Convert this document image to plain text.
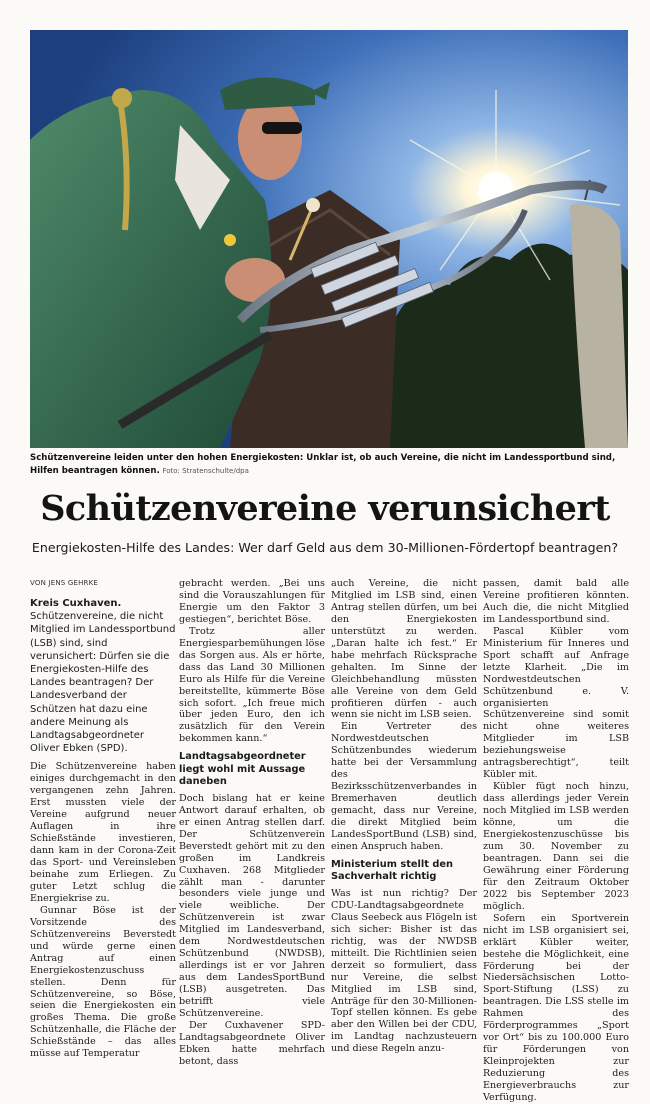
Schützenvereine leiden unter den hohen Energiekosten: Unklar ist, ob auch Vereine, die nicht im Landessportbund sind, Hilfen beantragen können. Foto: Stratenschulte/dpa
Schützenvereine verunsichert
Energiekosten-Hilfe des Landes: Wer darf Geld aus dem 30-Millionen-Fördertopf beantragen?
VON JENS GEHRKE
Kreis Cuxhaven. Schützenvereine, die nicht Mitglied im Landessportbund (LSB) sind, sind verunsichert: Dürfen sie die Energiekosten-Hilfe des Landes beantragen? Der Landesverband der Schützen hat dazu eine andere Meinung als Landtagsabgeordneter Oliver Ebken (SPD).

Die Schützenvereine haben einiges durchgemacht in den vergangenen zehn Jahren. Erst mussten viele der Vereine aufgrund neuer Auflagen in ihre Schießstände investieren, dann kam in der Corona-Zeit das Sport- und Vereinsleben beinahe zum Erliegen. Zu guter Letzt schlug die Energiekrise zu.

Gunnar Böse ist der Vorsitzende des Schützenvereins Beverstedt und würde gerne einen Antrag auf einen Energiekostenzuschuss stellen. Denn für Schützenvereine, so Böse, seien die Energiekosten ein großes Thema. Die große Schützenhalle, die Fläche der Schießstände – das alles müsse auf Temperatur

gebracht werden. „Bei uns sind die Vorauszahlungen für Energie um den Faktor 3 gestiegen“, berichtet Böse.

Trotz aller Energiesparbemühungen löse das Sorgen aus. Als er hörte, dass das Land 30 Millionen Euro als Hilfe für die Vereine bereitstellte, kümmerte Böse sich sofort. „Ich freue mich über jeden Euro, den ich zusätzlich für den Verein bekommen kann.“

Landtagsabgeordneter liegt wohl mit Aussage daneben

Doch bislang hat er keine Antwort darauf erhalten, ob er einen Antrag stellen darf. Der Schützenverein Beverstedt gehört mit zu den großen im Landkreis Cuxhaven. 268 Mitglieder zählt man - darunter besonders viele junge und viele weibliche. Der Schützenverein ist zwar Mitglied im Landesverband, dem Nordwestdeutschen Schützenbund (NWDSB), allerdings ist er vor Jahren aus dem LandesSportBund (LSB) ausgetreten. Das betrifft viele Schützenvereine.

Der Cuxhavener SPD-Landtagsabgeordnete Oliver Ebken hatte mehrfach betont, dass

auch Vereine, die nicht Mitglied im LSB sind, einen Antrag stellen dürfen, um bei den Energiekosten unterstützt zu werden. „Daran halte ich fest.“ Er habe mehrfach Rücksprache gehalten. Im Sinne der Gleichbehandlung müssten alle Vereine von dem Geld profitieren dürfen - auch wenn sie nicht im LSB seien.

Ein Vertreter des Nordwestdeutschen Schützenbundes wiederum hatte bei der Versammlung des Bezirksschützenverbandes in Bremerhaven deutlich gemacht, dass nur Vereine, die direkt Mitglied beim LandesSportBund (LSB) sind, einen Anspruch haben.

Ministerium stellt den Sachverhalt richtig

Was ist nun richtig? Der CDU-Landtagsabgeordnete Claus Seebeck aus Flögeln ist sich sicher: Bisher ist das richtig, was der NWDSB mitteilt. Die Richtlinien seien derzeit so formuliert, dass nur Vereine, die selbst Mitglied im LSB sind, Anträge für den 30-Millionen-Topf stellen können. Es gebe aber den Willen bei der CDU, im Landtag nachzusteuern und diese Regeln anzu-

passen, damit bald alle Vereine profitieren könnten. Auch die, die nicht Mitglied im Landessportbund sind.

Pascal Kübler vom Ministerium für Inneres und Sport schafft auf Anfrage letzte Klarheit. „Die im Nordwestdeutschen Schützenbund e. V. organisierten Schützenvereine sind somit nicht ohne weiteres Mitglieder im LSB beziehungsweise antragsberechtigt“, teilt Kübler mit.

Kübler fügt noch hinzu, dass allerdings jeder Verein noch Mitglied im LSB werden könne, um die Energiekostenzuschüsse bis zum 30. November zu beantragen. Dann sei die Gewährung einer Förderung für den Zeitraum Oktober 2022 bis September 2023 möglich.

Sofern ein Sportverein nicht im LSB organisiert sei, erklärt Kübler weiter, bestehe die Möglichkeit, eine Förderung bei der Niedersächsischen Lotto-Sport-Stiftung (LSS) zu beantragen. Die LSS stelle im Rahmen des Förderprogrammes „Sport vor Ort“ bis zu 100.000 Euro für Förderungen von Kleinprojekten zur Reduzierung des Energieverbrauchs zur Verfügung.
